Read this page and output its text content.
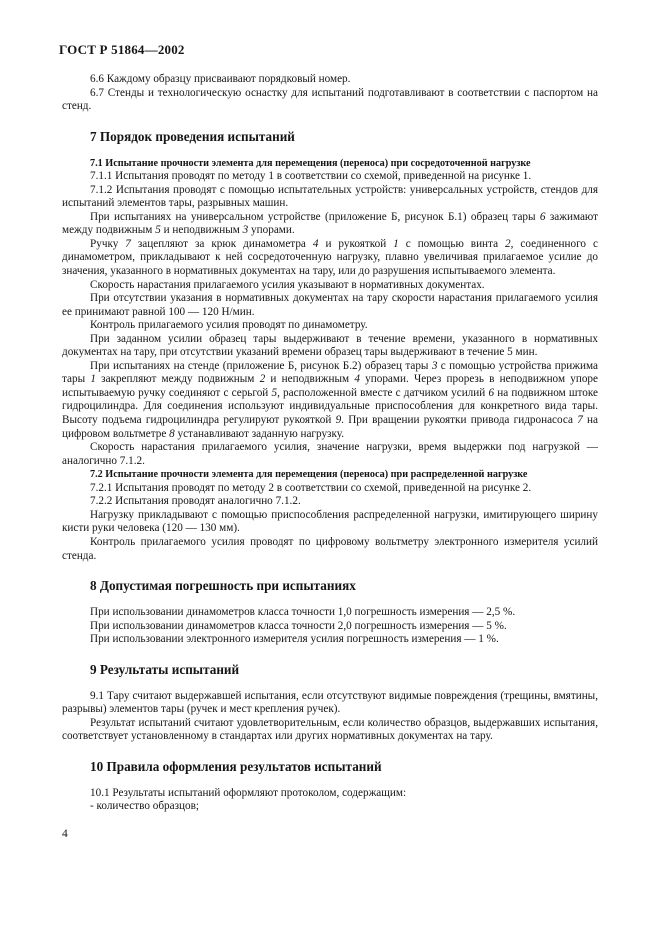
ГОСТ Р 51864—2002

6.6 Каждому образцу присваивают порядковый номер.

6.7 Стенды и технологическую оснастку для испытаний подготавливают в соответствии с паспортом на стенд.

7 Порядок проведения испытаний

7.1 Испытание прочности элемента для перемещения (переноса) при сосредоточенной нагрузке

7.1.1 Испытания проводят по методу 1 в соответствии со схемой, приведенной на рисунке 1.

7.1.2 Испытания проводят с помощью испытательных устройств: универсальных устройств, стендов для испытаний элементов тары, разрывных машин.

При испытаниях на универсальном устройстве (приложение Б, рисунок Б.1) образец тары 6 зажимают между подвижным 5 и неподвижным 3 упорами.

Ручку 7 зацепляют за крюк динамометра 4 и рукояткой 1 с помощью винта 2, соединенного с динамометром, прикладывают к ней сосредоточенную нагрузку, плавно увеличивая прилагаемое усилие до значения, указанного в нормативных документах на тару, или до разрушения испытываемого элемента.

Скорость нарастания прилагаемого усилия указывают в нормативных документах.

При отсутствии указания в нормативных документах на тару скорости нарастания прилагаемого усилия ее принимают равной 100 — 120 Н/мин.

Контроль прилагаемого усилия проводят по динамометру.

При заданном усилии образец тары выдерживают в течение времени, указанного в нормативных документах на тару, при отсутствии указаний времени образец тары выдерживают в течение 5 мин.

При испытаниях на стенде (приложение Б, рисунок Б.2) образец тары 3 с помощью устройства прижима тары 1 закрепляют между подвижным 2 и неподвижным 4 упорами. Через прорезь в неподвижном упоре испытываемую ручку соединяют с серьгой 5, расположенной вместе с датчиком усилий 6 на подвижном штоке гидроцилиндра. Для соединения используют индивидуальные приспособления для конкретного вида тары. Высоту подъема гидроцилиндра регулируют рукояткой 9. При вращении рукоятки привода гидронасоса 7 на цифровом вольтметре 8 устанавливают заданную нагрузку.

Скорость нарастания прилагаемого усилия, значение нагрузки, время выдержки под нагрузкой — аналогично 7.1.2.

7.2 Испытание прочности элемента для перемещения (переноса) при распределенной нагрузке

7.2.1 Испытания проводят по методу 2 в соответствии со схемой, приведенной на рисунке 2.

7.2.2 Испытания проводят аналогично 7.1.2.

Нагрузку прикладывают с помощью приспособления распределенной нагрузки, имитирующего ширину кисти руки человека (120 — 130 мм).

Контроль прилагаемого усилия проводят по цифровому вольтметру электронного измерителя усилий стенда.

8 Допустимая погрешность при испытаниях

При использовании динамометров класса точности 1,0 погрешность измерения — 2,5 %.

При использовании динамометров класса точности 2,0 погрешность измерения — 5 %.

При использовании электронного измерителя усилия погрешность измерения — 1 %.

9 Результаты испытаний

9.1 Тару считают выдержавшей испытания, если отсутствуют видимые повреждения (трещины, вмятины, разрывы) элементов тары (ручек и мест крепления ручек).

Результат испытаний считают удовлетворительным, если количество образцов, выдержавших испытания, соответствует установленному в стандартах или других нормативных документах на тару.

10 Правила оформления результатов испытаний

10.1 Результаты испытаний оформляют протоколом, содержащим:

- количество образцов;

4
